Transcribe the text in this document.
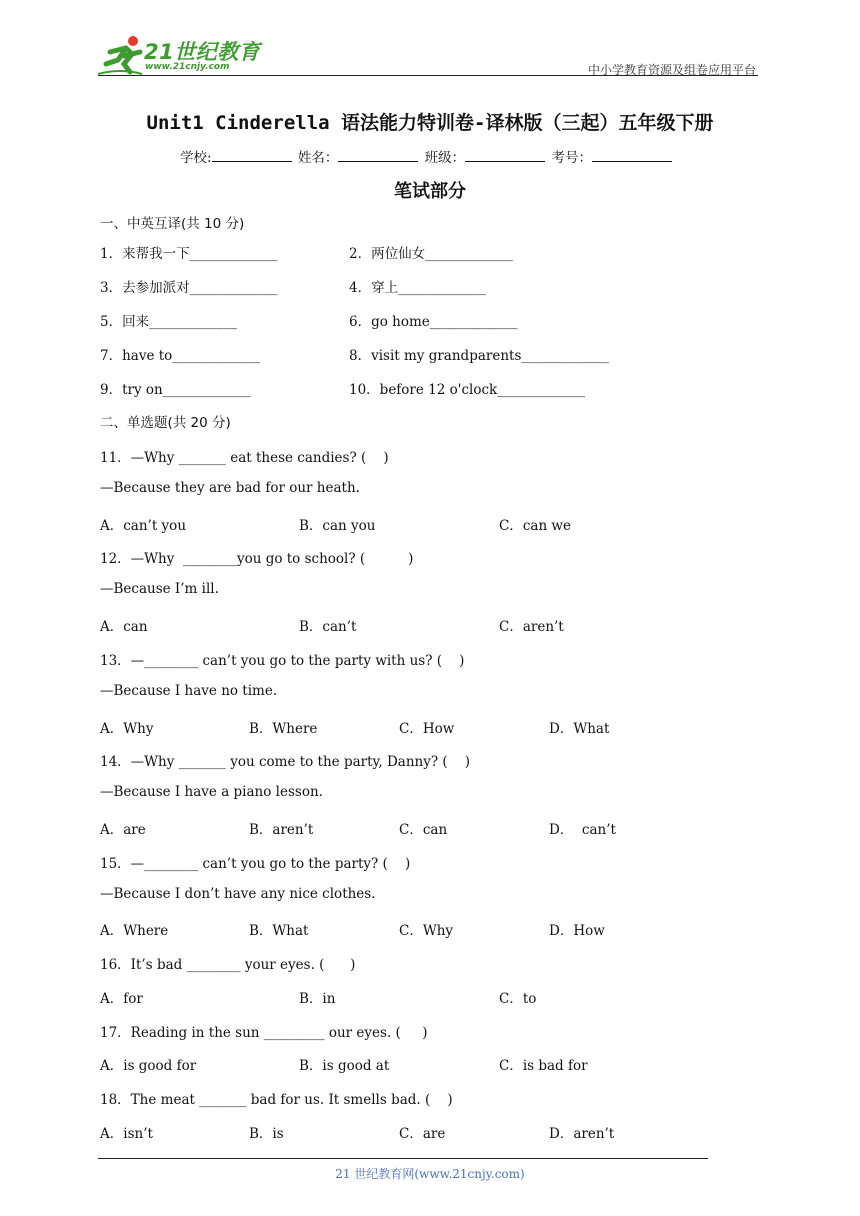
21世纪教育
www.21cnjy.com	中小学教育资源及组卷应用平台
Unit1 Cinderella 语法能力特训卷-译林版（三起）五年级下册
学校:	姓名：	班级：	考号：
笔试部分
一、中英互译(共 10 分)
1．来帮我一下_____________	2．两位仙女_____________
3．去参加派对_____________	4．穿上_____________
5．回来_____________	6．go home_____________
7．have to_____________	8．visit my grandparents_____________
9．try on_____________	10．before 12 o'clock_____________
二、单选题(共 20 分)
11．—Why _______ eat these candies? (    )
—Because they are bad for our heath.
A．can’t you	B．can you	C．can we
12．—Why  ________you go to school? (          )
—Because I’m ill.
A．can	B．can’t	C．aren’t
13．—________ can’t you go to the party with us? (    )
—Because I have no time.
A．Why	B．Where	C．How	D．What
14．—Why _______ you come to the party, Danny? (    )
—Because I have a piano lesson.
A．are	B．aren’t	C．can	D．  can’t
15．—________ can’t you go to the party? (    )
—Because I don’t have any nice clothes.
A．Where	B．What	C．Why	D．How
16．It’s bad ________ your eyes. (      )
A．for	B．in	C．to
17．Reading in the sun _________ our eyes. (     )
A．is good for	B．is good at	C．is bad for
18．The meat _______ bad for us. It smells bad. (    )
A．isn’t	B．is	C．are	D．aren’t
21 世纪教育网(www.21cnjy.com)
